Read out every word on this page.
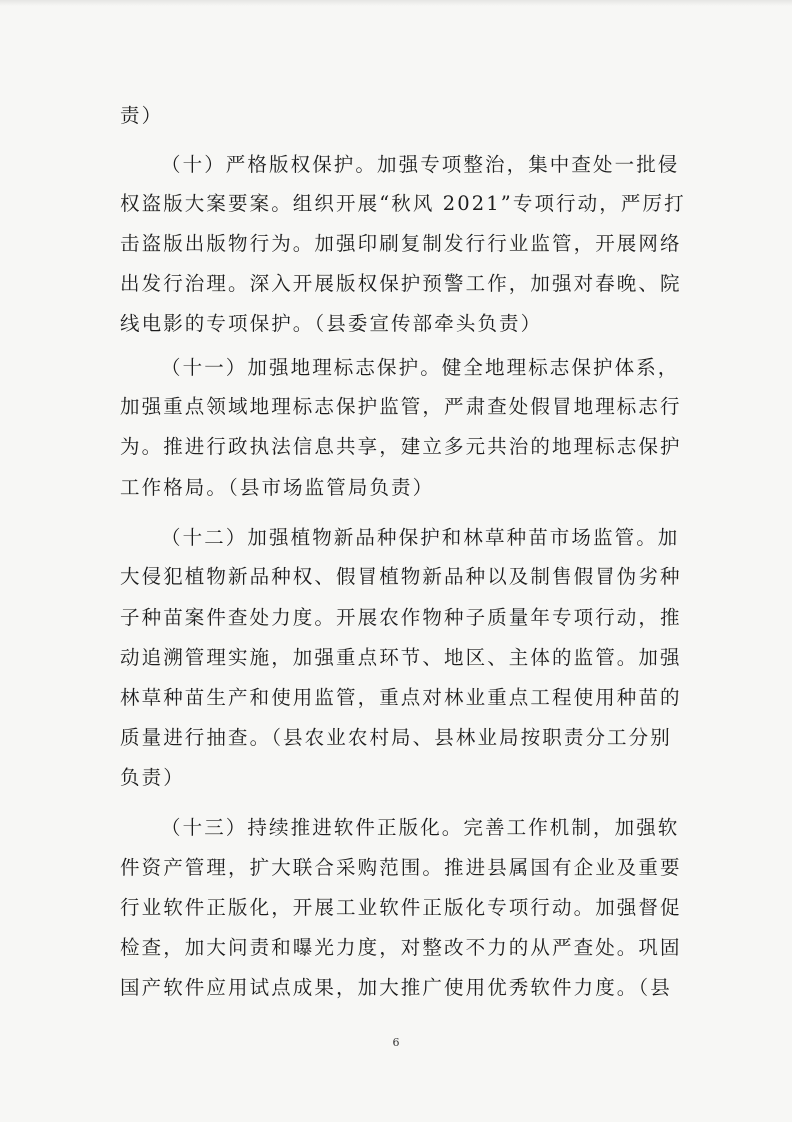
责）

（十）严格版权保护。加强专项整治，集中查处一批侵

权盗版大案要案。组织开展“秋风 2021”专项行动，严厉打

击盗版出版物行为。加强印刷复制发行行业监管，开展网络

出发行治理。深入开展版权保护预警工作，加强对春晚、院

线电影的专项保护。（县委宣传部牵头负责）

（十一）加强地理标志保护。健全地理标志保护体系，

加强重点领域地理标志保护监管，严肃查处假冒地理标志行

为。推进行政执法信息共享，建立多元共治的地理标志保护

工作格局。（县市场监管局负责）

（十二）加强植物新品种保护和林草种苗市场监管。加

大侵犯植物新品种权、假冒植物新品种以及制售假冒伪劣种

子种苗案件查处力度。开展农作物种子质量年专项行动，推

动追溯管理实施，加强重点环节、地区、主体的监管。加强

林草种苗生产和使用监管，重点对林业重点工程使用种苗的

质量进行抽查。（县农业农村局、县林业局按职责分工分别

负责）

（十三）持续推进软件正版化。完善工作机制，加强软

件资产管理，扩大联合采购范围。推进县属国有企业及重要

行业软件正版化，开展工业软件正版化专项行动。加强督促

检查，加大问责和曝光力度，对整改不力的从严查处。巩固

国产软件应用试点成果，加大推广使用优秀软件力度。（县

6
